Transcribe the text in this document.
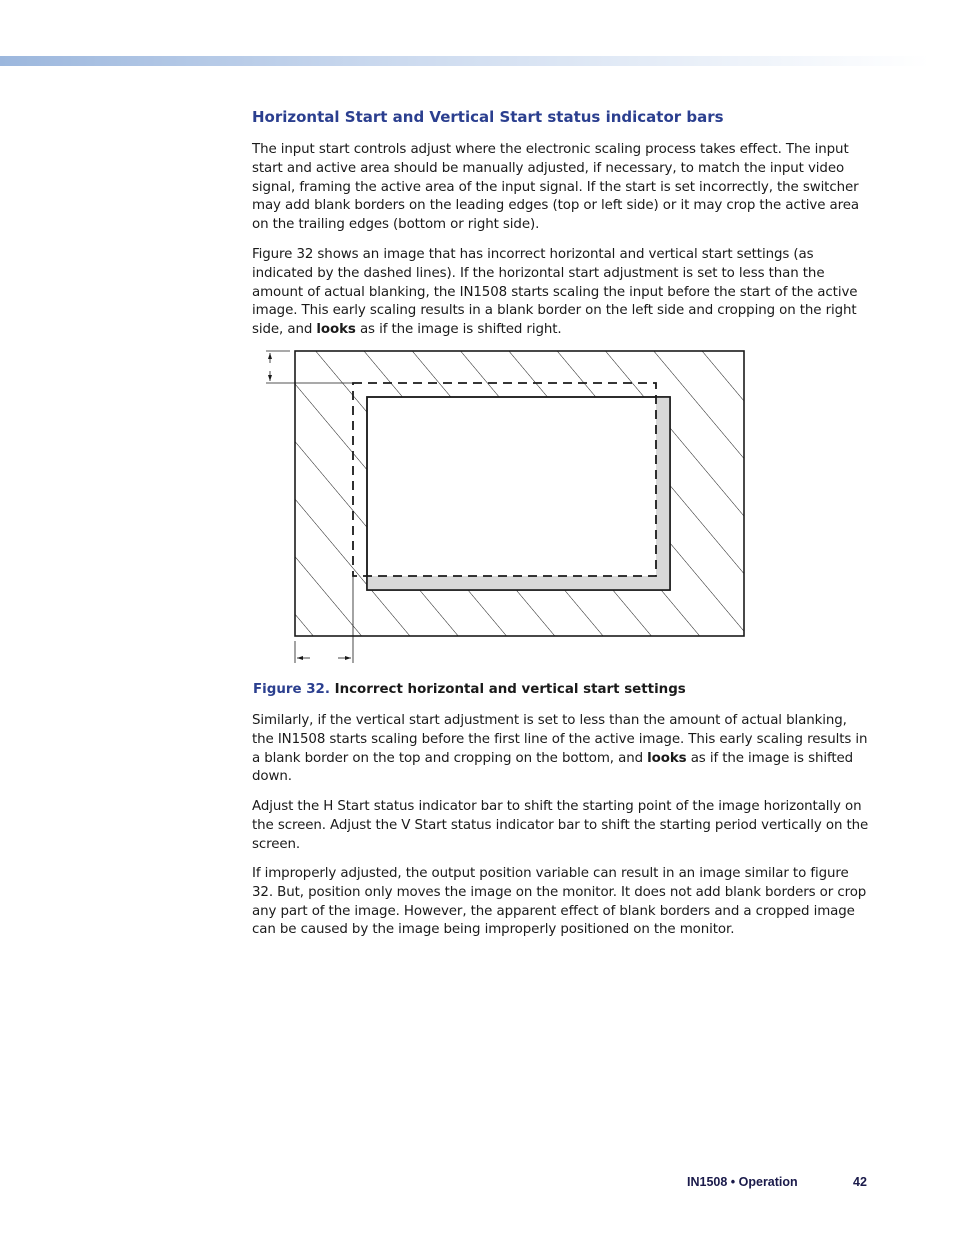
Horizontal Start and Vertical Start status indicator bars

The input start controls adjust where the electronic scaling process takes effect. The input start and active area should be manually adjusted, if necessary, to match the input video signal, framing the active area of the input signal. If the start is set incorrectly, the switcher may add blank borders on the leading edges (top or left side) or it may crop the active area on the trailing edges (bottom or right side).

Figure 32 shows an image that has incorrect horizontal and vertical start settings (as indicated by the dashed lines). If the horizontal start adjustment is set to less than the amount of actual blanking, the IN1508 starts scaling the input before the start of the active image. This early scaling results in a blank border on the left side and cropping on the right side, and looks as if the image is shifted right.

Figure 32. Incorrect horizontal and vertical start settings

Similarly, if the vertical start adjustment is set to less than the amount of actual blanking, the IN1508 starts scaling before the first line of the active image. This early scaling results in a blank border on the top and cropping on the bottom, and looks as if the image is shifted down.

Adjust the H Start status indicator bar to shift the starting point of the image horizontally on the screen. Adjust the V Start status indicator bar to shift the starting period vertically on the screen.

If improperly adjusted, the output position variable can result in an image similar to figure 32. But, position only moves the image on the monitor. It does not add blank borders or crop any part of the image. However, the apparent effect of blank borders and a cropped image can be caused by the image being improperly positioned on the monitor.

IN1508 • Operation	42
